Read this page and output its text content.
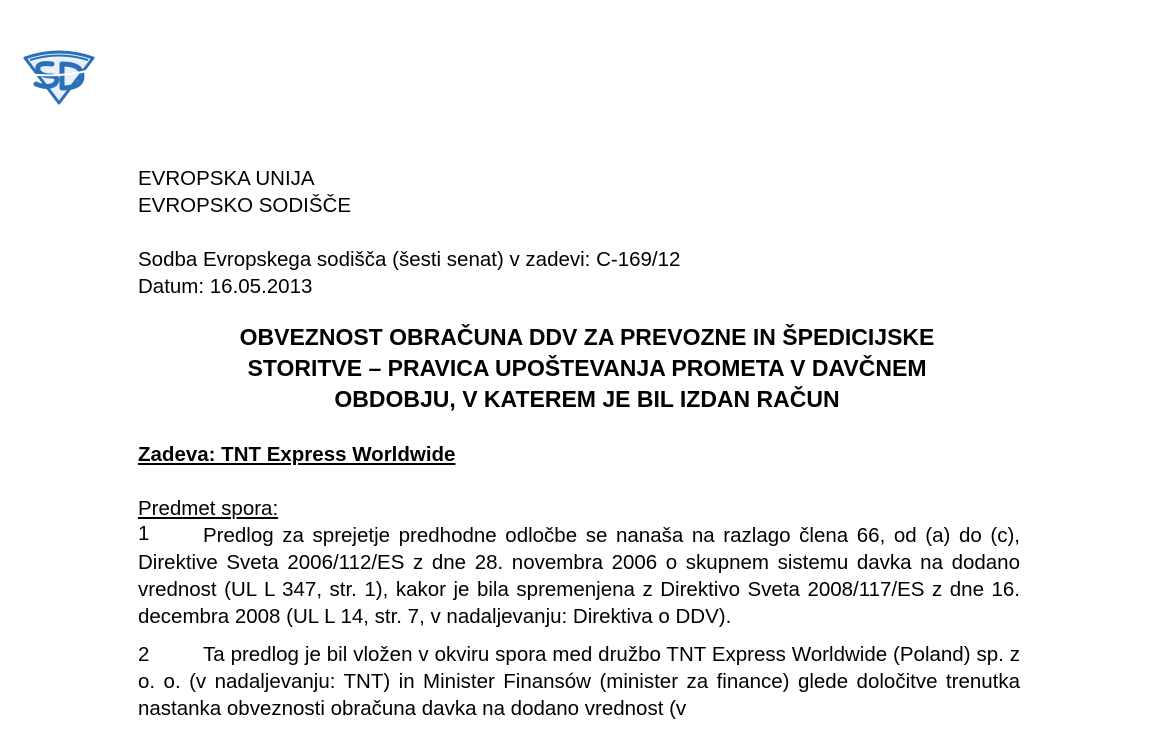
EVROPSKA UNIJA
EVROPSKO SODIŠČE
Sodba Evropskega sodišča (šesti senat) v zadevi: C-169/12
Datum: 16.05.2013
OBVEZNOST OBRAČUNA DDV ZA PREVOZNE IN ŠPEDICIJSKE
STORITVE – PRAVICA UPOŠTEVANJA PROMETA V DAVČNEM
OBDOBJU, V KATEREM JE BIL IZDAN RAČUN
Zadeva: TNT Express Worldwide
Predmet spora:
1	Predlog za sprejetje predhodne odločbe se nanaša na razlago člena 66, od (a) do (c), Direktive Sveta 2006/112/ES z dne 28. novembra 2006 o skupnem sistemu davka na dodano vrednost (UL L 347, str. 1), kakor je bila spremenjena z Direktivo Sveta 2008/117/ES z dne 16. decembra 2008 (UL L 14, str. 7, v nadaljevanju: Direktiva o DDV).
2	Ta predlog je bil vložen v okviru spora med družbo TNT Express Worldwide (Poland) sp. z o. o. (v nadaljevanju: TNT) in Minister Finansów (minister za finance) glede določitve trenutka nastanka obveznosti obračuna davka na dodano vrednost (v
